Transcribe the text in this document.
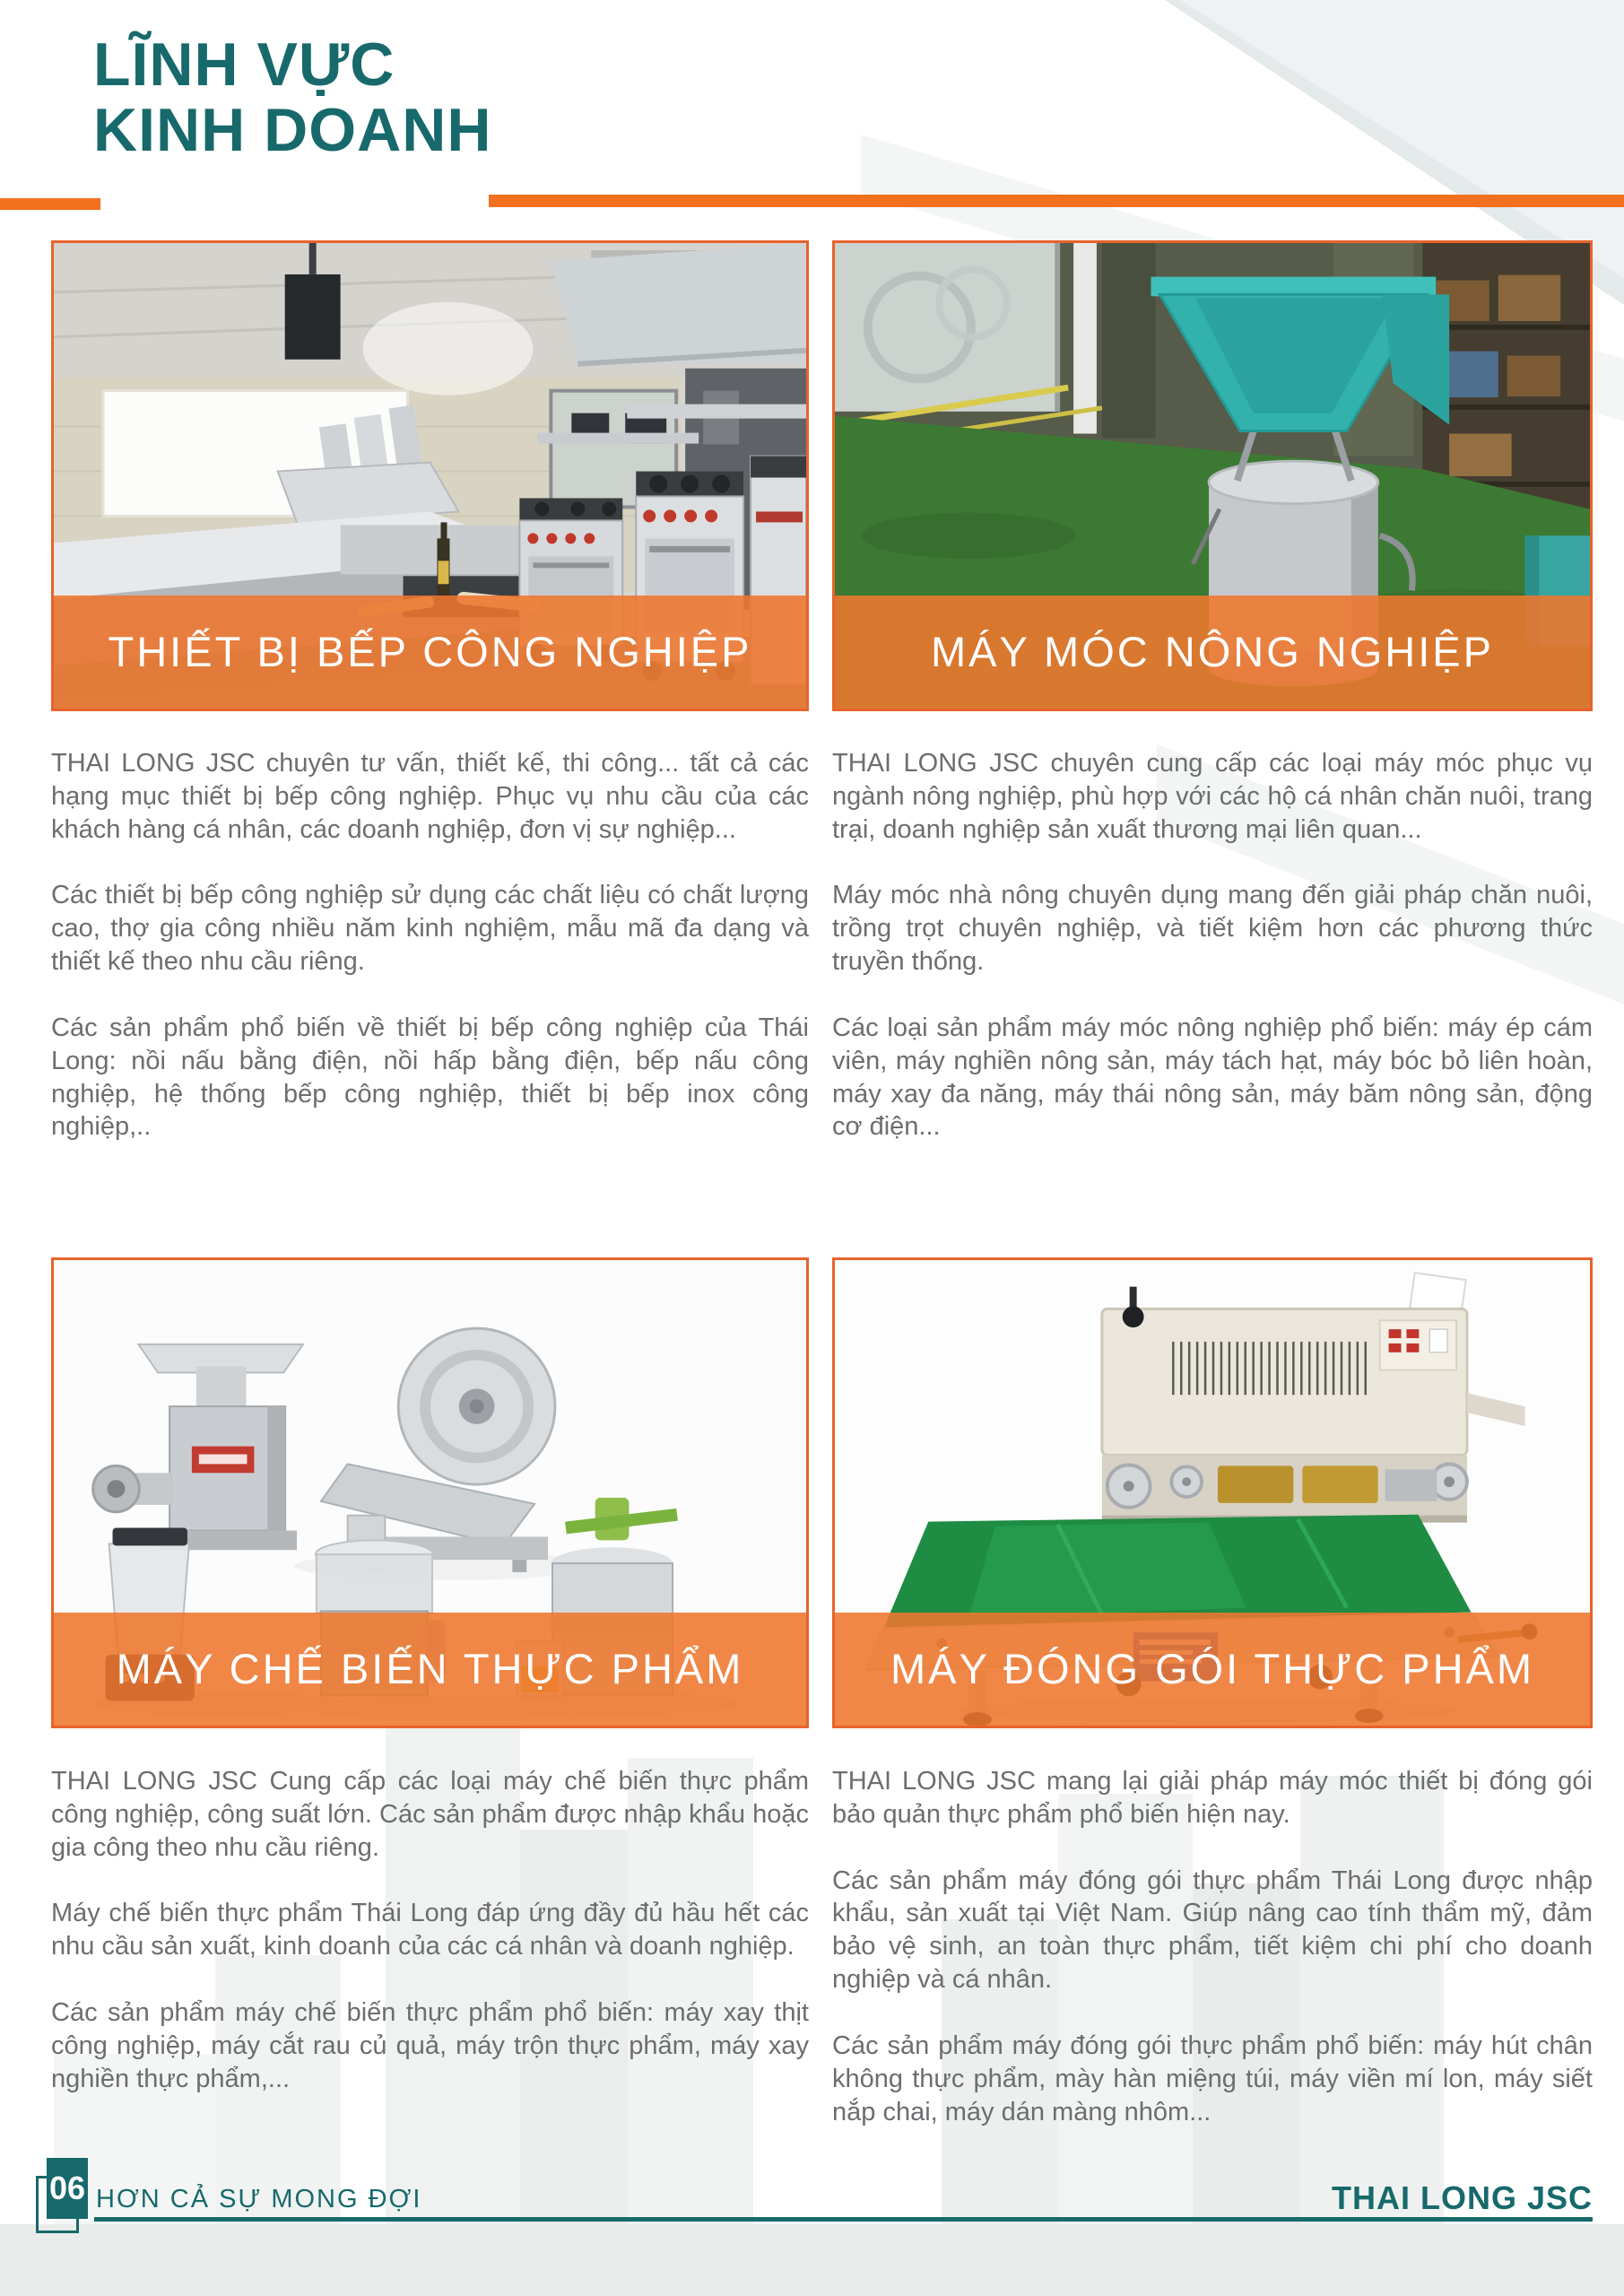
LĨNH VỰC
KINH DOANH
THIẾT BỊ BẾP CÔNG NGHIỆP	MÁY MÓC NÔNG NGHIỆP

THAI LONG JSC chuyên tư vấn, thiết kế, thi công... tất cả các hạng mục thiết bị bếp công nghiệp. Phục vụ nhu cầu của các khách hàng cá nhân, các doanh nghiệp, đơn vị sự nghiệp...

Các thiết bị bếp công nghiệp sử dụng các chất liệu có chất lượng cao, thợ gia công nhiều năm kinh nghiệm, mẫu mã đa dạng và thiết kế theo nhu cầu riêng.

Các sản phẩm phổ biến về thiết bị bếp công nghiệp của Thái Long: nồi nấu bằng điện, nồi hấp bằng điện, bếp nấu công nghiệp, hệ thống bếp công nghiệp, thiết bị bếp inox công nghiệp,..

THAI LONG JSC chuyên cung cấp các loại máy móc phục vụ ngành nông nghiệp, phù hợp với các hộ cá nhân chăn nuôi, trang trại, doanh nghiệp sản xuất thương mại liên quan...

Máy móc nhà nông chuyên dụng mang đến giải pháp chăn nuôi, trồng trọt chuyên nghiệp, và tiết kiệm hơn các phương thức truyền thống.

Các loại sản phẩm máy móc nông nghiệp phổ biến: máy ép cám viên, máy nghiền nông sản, máy tách hạt, máy bóc bỏ liên hoàn, máy xay đa năng, máy thái nông sản, máy băm nông sản, động cơ điện...

MÁY CHẾ BIẾN THỰC PHẨM	MÁY ĐÓNG GÓI THỰC PHẨM

THAI LONG JSC Cung cấp các loại máy chế biến thực phẩm công nghiệp, công suất lớn. Các sản phẩm được nhập khẩu hoặc gia công theo nhu cầu riêng.

Máy chế biến thực phẩm Thái Long đáp ứng đầy đủ hầu hết các nhu cầu sản xuất, kinh doanh của các cá nhân và doanh nghiệp.

Các sản phẩm máy chế biến thực phẩm phổ biến: máy xay thịt công nghiệp, máy cắt rau củ quả, máy trộn thực phẩm, máy xay nghiền thực phẩm,...

THAI LONG JSC mang lại giải pháp máy móc thiết bị đóng gói bảo quản thực phẩm phổ biến hiện nay.

Các sản phẩm máy đóng gói thực phẩm Thái Long được nhập khẩu, sản xuất tại Việt Nam. Giúp nâng cao tính thẩm mỹ, đảm bảo vệ sinh, an toàn thực phẩm, tiết kiệm chi phí cho doanh nghiệp và cá nhân.

Các sản phẩm máy đóng gói thực phẩm phổ biến: máy hút chân không thực phẩm, mày hàn miệng túi, máy viền mí lon, máy siết nắp chai, máy dán màng nhôm...

06 HƠN CẢ SỰ MONG ĐỢI	THAI LONG JSC
